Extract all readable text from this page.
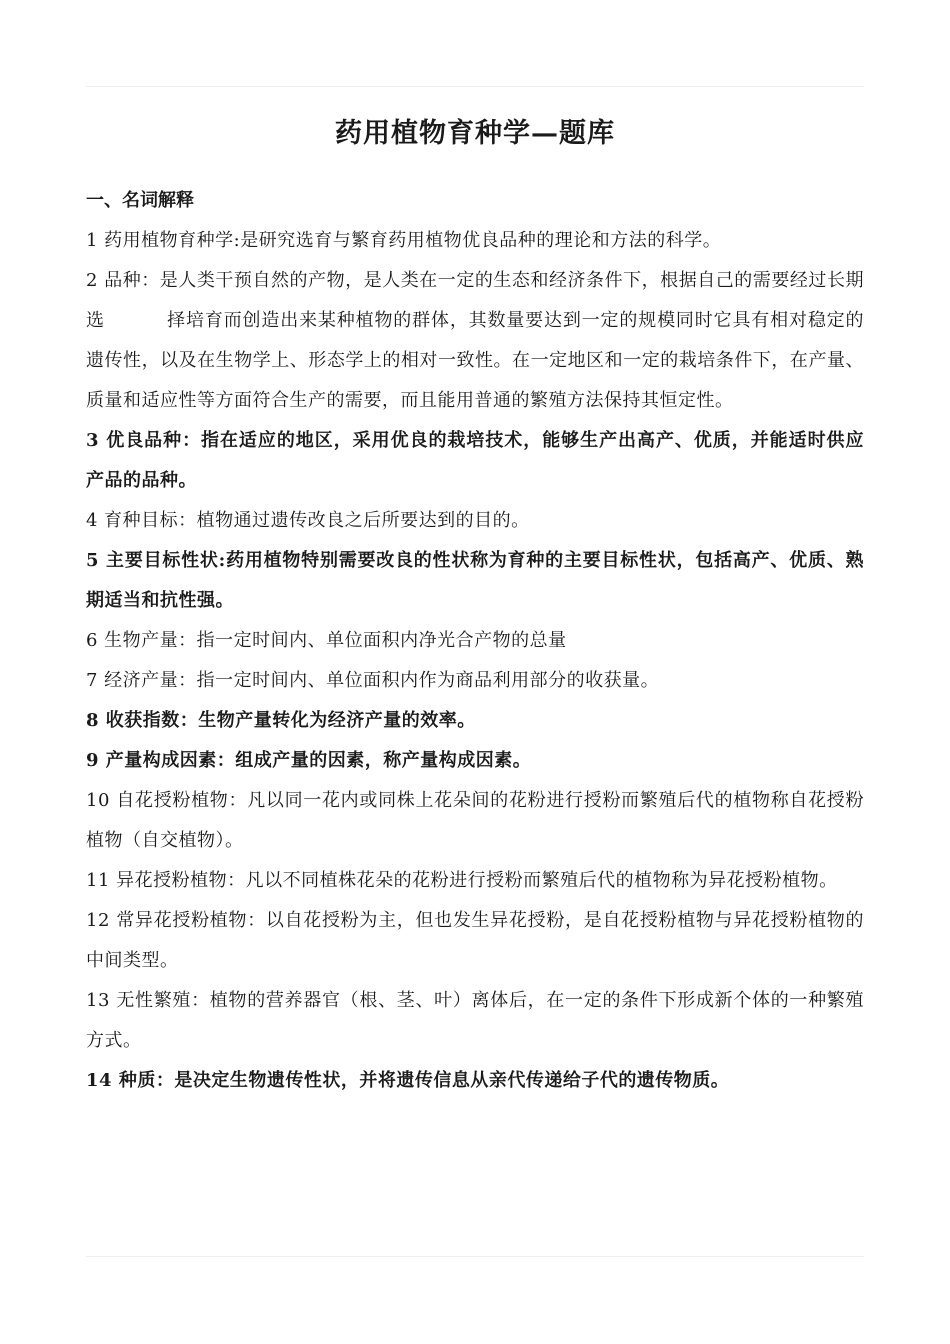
药用植物育种学—题库

一、名词解释

1 药用植物育种学:是研究选育与繁育药用植物优良品种的理论和方法的科学。

2 品种：是人类干预自然的产物，是人类在一定的生态和经济条件下，根据自己的需要经过长期选	择培育而创造出来某种植物的群体，其数量要达到一定的规模同时它具有相对稳定的遗传性，以及在生物学上、形态学上的相对一致性。在一定地区和一定的栽培条件下，在产量、质量和适应性等方面符合生产的需要，而且能用普通的繁殖方法保持其恒定性。

3 优良品种：指在适应的地区，采用优良的栽培技术，能够生产出高产、优质，并能适时供应产品的品种。

4 育种目标：植物通过遗传改良之后所要达到的目的。

5 主要目标性状:药用植物特别需要改良的性状称为育种的主要目标性状，包括高产、优质、熟期适当和抗性强。

6 生物产量：指一定时间内、单位面积内净光合产物的总量

7 经济产量：指一定时间内、单位面积内作为商品利用部分的收获量。

8 收获指数：生物产量转化为经济产量的效率。

9 产量构成因素：组成产量的因素，称产量构成因素。

10 自花授粉植物：凡以同一花内或同株上花朵间的花粉进行授粉而繁殖后代的植物称自花授粉植物（自交植物）。

11 异花授粉植物：凡以不同植株花朵的花粉进行授粉而繁殖后代的植物称为异花授粉植物。

12 常异花授粉植物：以自花授粉为主，但也发生异花授粉，是自花授粉植物与异花授粉植物的中间类型。

13 无性繁殖：植物的营养器官（根、茎、叶）离体后，在一定的条件下形成新个体的一种繁殖方式。

14 种质：是决定生物遗传性状，并将遗传信息从亲代传递给子代的遗传物质。
